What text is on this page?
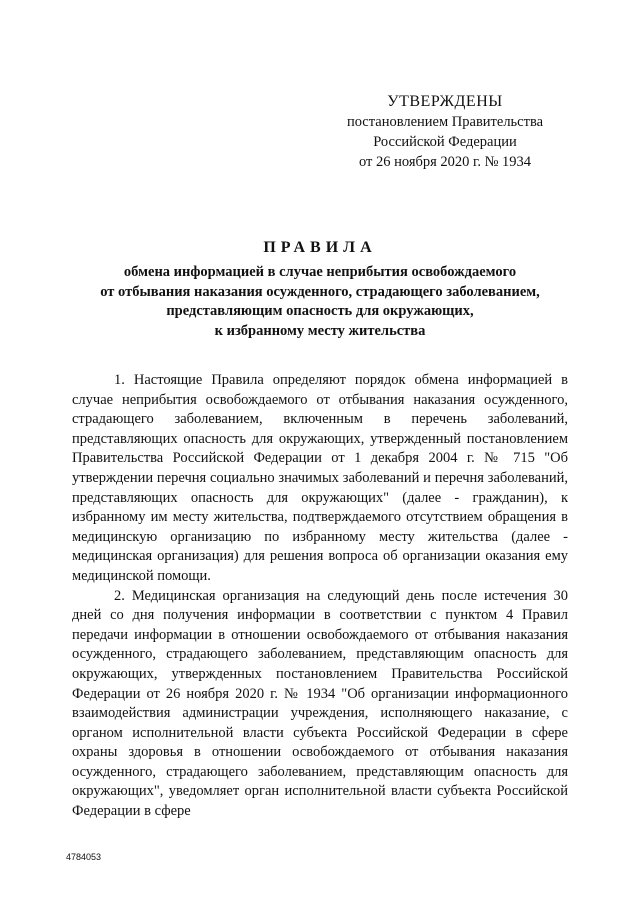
УТВЕРЖДЕНЫ
постановлением Правительства
Российской Федерации
от 26 ноября 2020 г. № 1934
ПРАВИЛА
обмена информацией в случае неприбытия освобождаемого
от отбывания наказания осужденного, страдающего заболеванием,
представляющим опасность для окружающих,
к избранному месту жительства

1. Настоящие Правила определяют порядок обмена информацией в случае неприбытия освобождаемого от отбывания наказания осужденного, страдающего заболеванием, включенным в перечень заболеваний, представляющих опасность для окружающих, утвержденный постановлением Правительства Российской Федерации от 1 декабря 2004 г. № 715 "Об утверждении перечня социально значимых заболеваний и перечня заболеваний, представляющих опасность для окружающих" (далее - гражданин), к избранному им месту жительства, подтверждаемого отсутствием обращения в медицинскую организацию по избранному месту жительства (далее - медицинская организация) для решения вопроса об организации оказания ему медицинской помощи.

2. Медицинская организация на следующий день после истечения 30 дней со дня получения информации в соответствии с пунктом 4 Правил передачи информации в отношении освобождаемого от отбывания наказания осужденного, страдающего заболеванием, представляющим опасность для окружающих, утвержденных постановлением Правительства Российской Федерации от 26 ноября 2020 г. № 1934 "Об организации информационного взаимодействия администрации учреждения, исполняющего наказание, с органом исполнительной власти субъекта Российской Федерации в сфере охраны здоровья в отношении освобождаемого от отбывания наказания осужденного, страдающего заболеванием, представляющим опасность для окружающих", уведомляет орган исполнительной власти субъекта Российской Федерации в сфере

4784053
